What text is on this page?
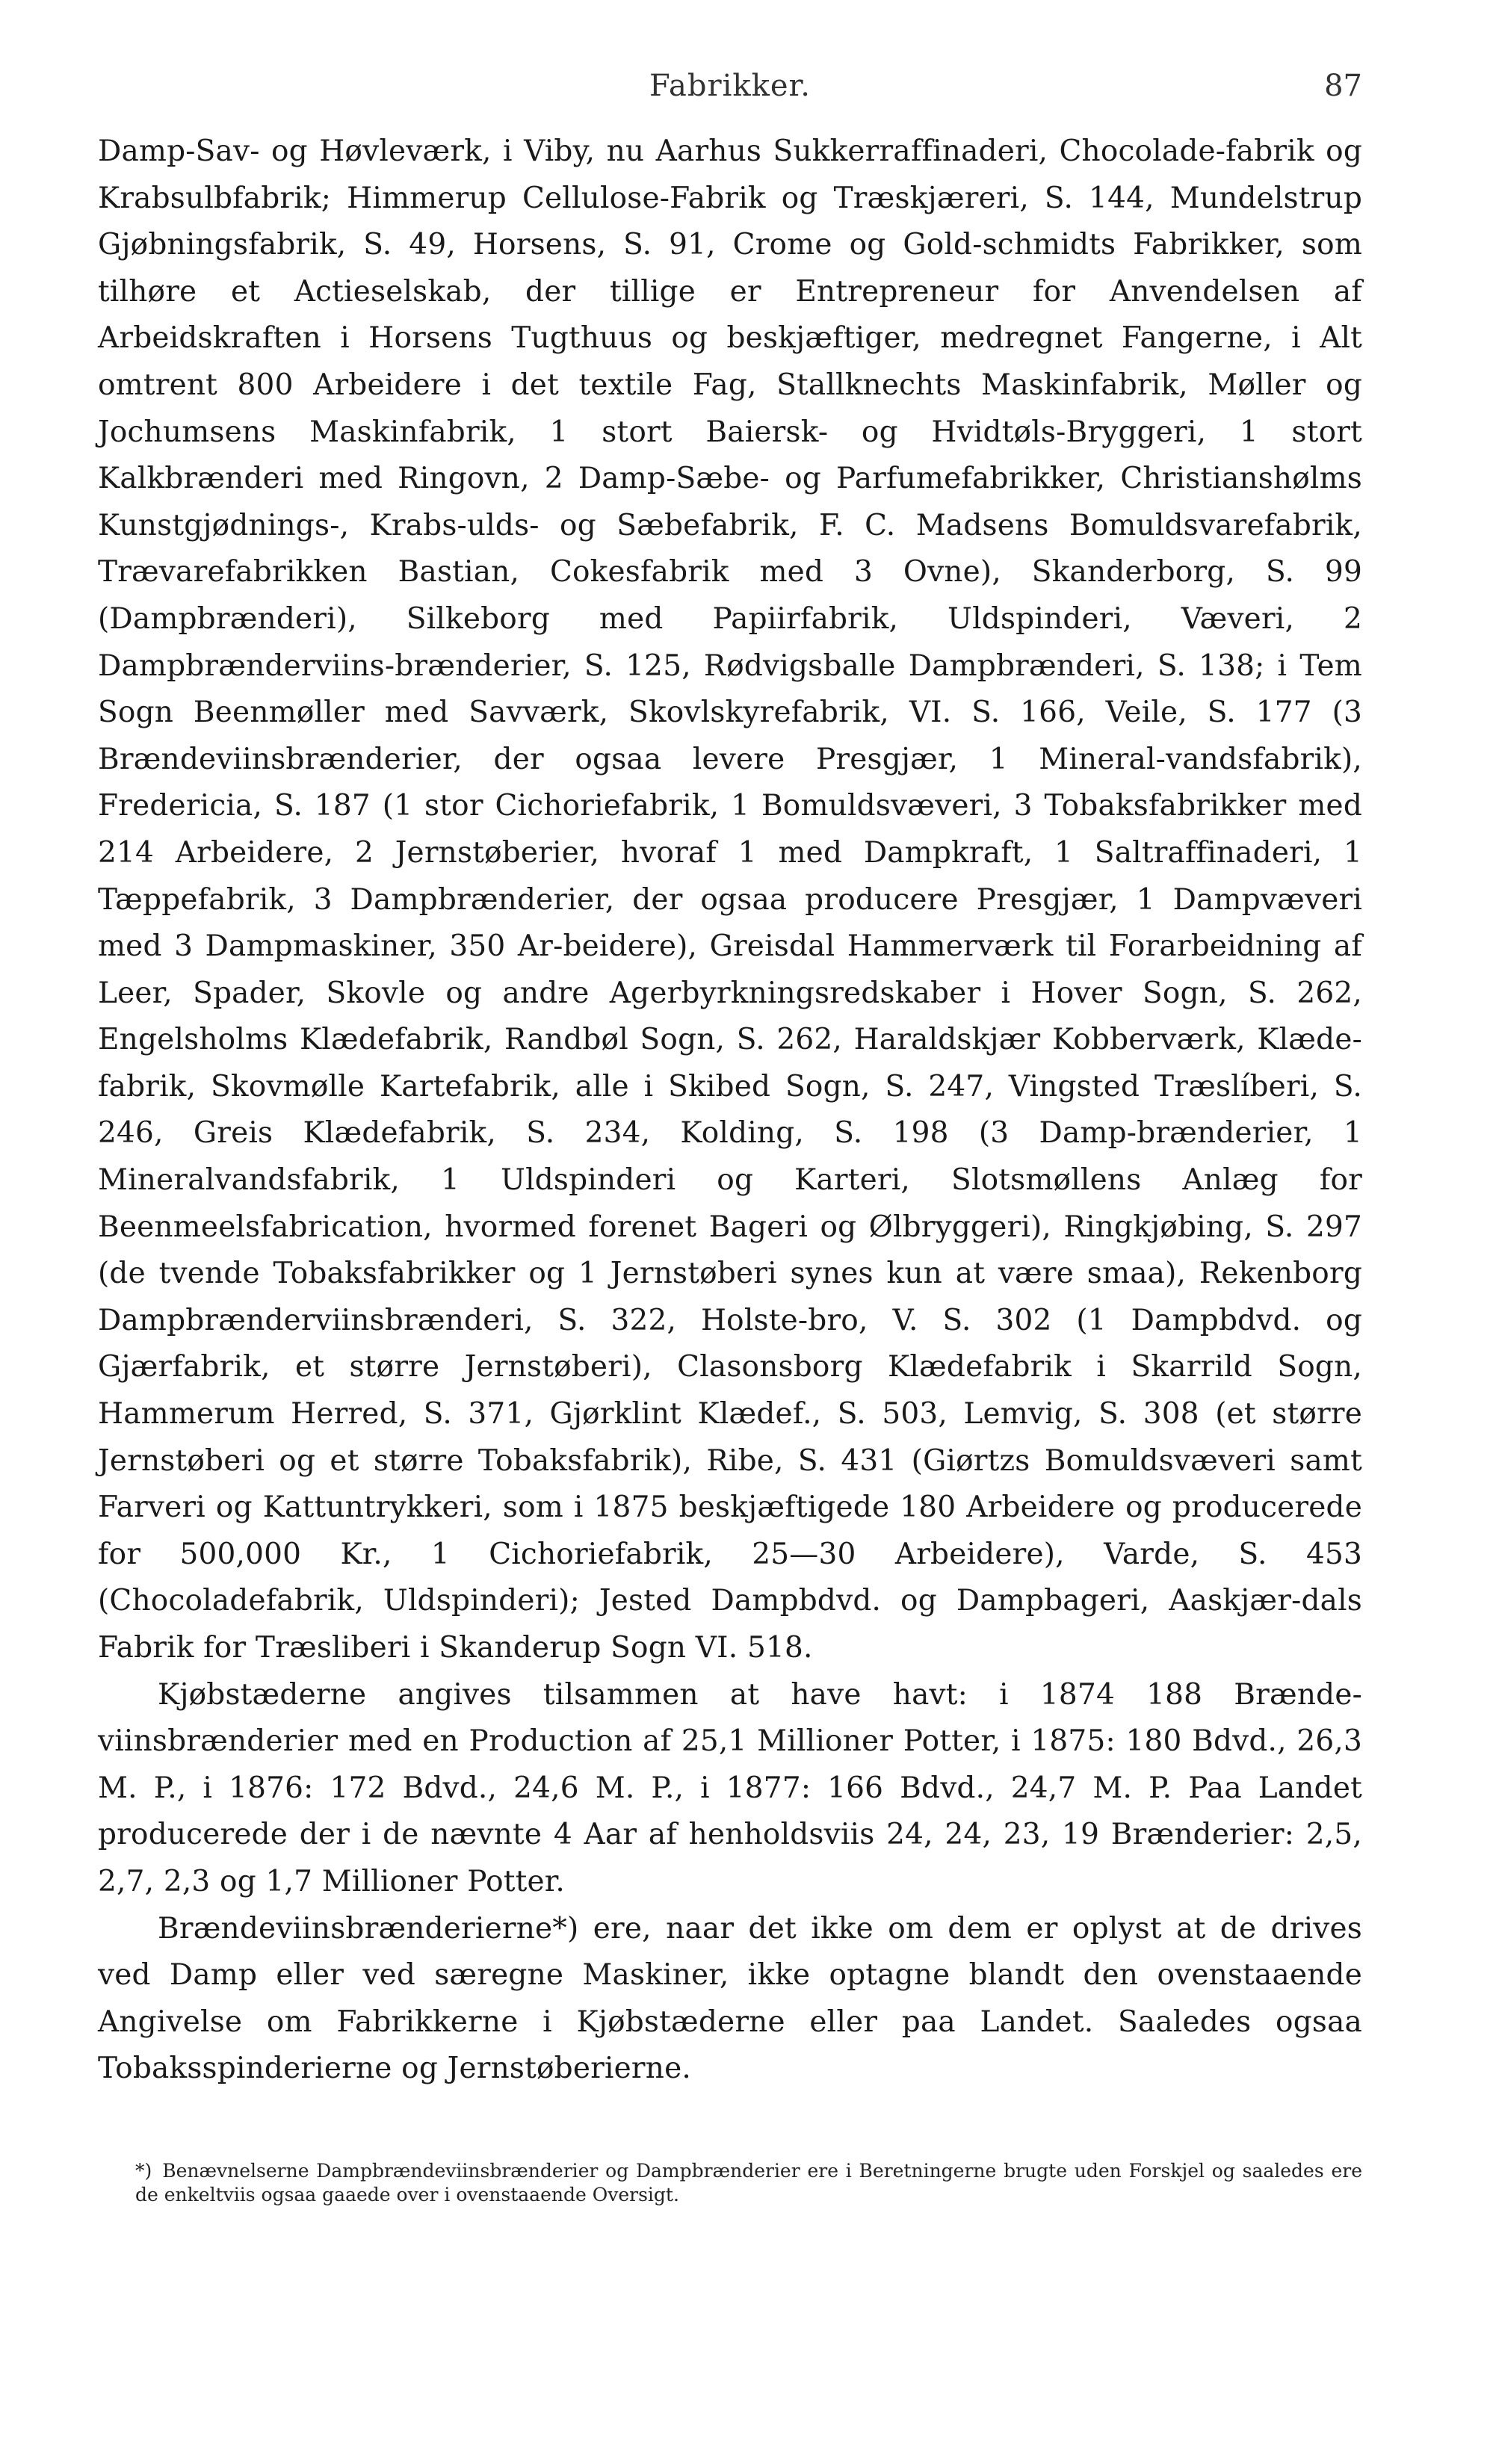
Fabrikker.	87

Damp-Sav- og Høvleværk, i Viby, nu Aarhus Sukkerraffinaderi, Chocolade-fabrik og Krabsulbfabrik; Himmerup Cellulose-Fabrik og Træskjæreri, S. 144, Mundelstrup Gjøbningsfabrik, S. 49, Horsens, S. 91, Crome og Gold-schmidts Fabrikker, som tilhøre et Actieselskab, der tillige er Entrepreneur for Anvendelsen af Arbeidskraften i Horsens Tugthuus og beskjæftiger, medregnet Fangerne, i Alt omtrent 800 Arbeidere i det textile Fag, Stallknechts Maskinfabrik, Møller og Jochumsens Maskinfabrik, 1 stort Baiersk- og Hvidtøls-Bryggeri, 1 stort Kalkbrænderi med Ringovn, 2 Damp-Sæbe- og Parfumefabrikker, Christianshølms Kunstgjødnings-, Krabs-ulds- og Sæbefabrik, F. C. Madsens Bomuldsvarefabrik, Trævarefabrikken Bastian, Cokesfabrik med 3 Ovne), Skanderborg, S. 99 (Dampbrænderi), Silkeborg med Papiirfabrik, Uldspinderi, Væveri, 2 Dampbrænderviins-brænderier, S. 125, Rødvigsballe Dampbrænderi, S. 138; i Tem Sogn Beenmøller med Savværk, Skovlskyrefabrik, VI. S. 166, Veile, S. 177 (3 Brændeviinsbrænderier, der ogsaa levere Presgjær, 1 Mineral-vandsfabrik), Fredericia, S. 187 (1 stor Cichoriefabrik, 1 Bomuldsvæveri, 3 Tobaksfabrikker med 214 Arbeidere, 2 Jernstøberier, hvoraf 1 med Dampkraft, 1 Saltraffinaderi, 1 Tæppefabrik, 3 Dampbrænderier, der ogsaa producere Presgjær, 1 Dampvæveri med 3 Dampmaskiner, 350 Ar-beidere), Greisdal Hammerværk til Forarbeidning af Leer, Spader, Skovle og andre Agerbyrkningsredskaber i Hover Sogn, S. 262, Engelsholms Klædefabrik, Randbøl Sogn, S. 262, Haraldskjær Kobberværk, Klæde-fabrik, Skovmølle Kartefabrik, alle i Skibed Sogn, S. 247, Vingsted Træslíberi, S. 246, Greis Klædefabrik, S. 234, Kolding, S. 198 (3 Damp-brænderier, 1 Mineralvandsfabrik, 1 Uldspinderi og Karteri, Slotsmøllens Anlæg for Beenmeelsfabrication, hvormed forenet Bageri og Ølbryggeri), Ringkjøbing, S. 297 (de tvende Tobaksfabrikker og 1 Jernstøberi synes kun at være smaa), Rekenborg Dampbrænderviinsbrænderi, S. 322, Holste-bro, V. S. 302 (1 Dampbdvd. og Gjærfabrik, et større Jernstøberi), Clasonsborg Klædefabrik i Skarrild Sogn, Hammerum Herred, S. 371, Gjørklint Klædef., S. 503, Lemvig, S. 308 (et større Jernstøberi og et større Tobaksfabrik), Ribe, S. 431 (Giørtzs Bomuldsvæveri samt Farveri og Kattuntrykkeri, som i 1875 beskjæftigede 180 Arbeidere og producerede for 500,000 Kr., 1 Cichoriefabrik, 25—30 Arbeidere), Varde, S. 453 (Chocoladefabrik, Uldspinderi); Jested Dampbdvd. og Dampbageri, Aaskjær-dals Fabrik for Træsliberi i Skanderup Sogn VI. 518.

Kjøbstæderne angives tilsammen at have havt: i 1874 188 Brænde-viinsbrænderier med en Production af 25,1 Millioner Potter, i 1875: 180 Bdvd., 26,3 M. P., i 1876: 172 Bdvd., 24,6 M. P., i 1877: 166 Bdvd., 24,7 M. P. Paa Landet producerede der i de nævnte 4 Aar af henholdsviis 24, 24, 23, 19 Brænderier: 2,5, 2,7, 2,3 og 1,7 Millioner Potter.

Brændeviinsbrænderierne*) ere, naar det ikke om dem er oplyst at de drives ved Damp eller ved særegne Maskiner, ikke optagne blandt den ovenstaaende Angivelse om Fabrikkerne i Kjøbstæderne eller paa Landet. Saaledes ogsaa Tobaksspinderierne og Jernstøberierne.

*) Benævnelserne Dampbrændeviinsbrænderier og Dampbrænderier ere i Beretningerne brugte uden Forskjel og saaledes ere de enkeltviis ogsaa gaaede over i ovenstaaende Oversigt.
